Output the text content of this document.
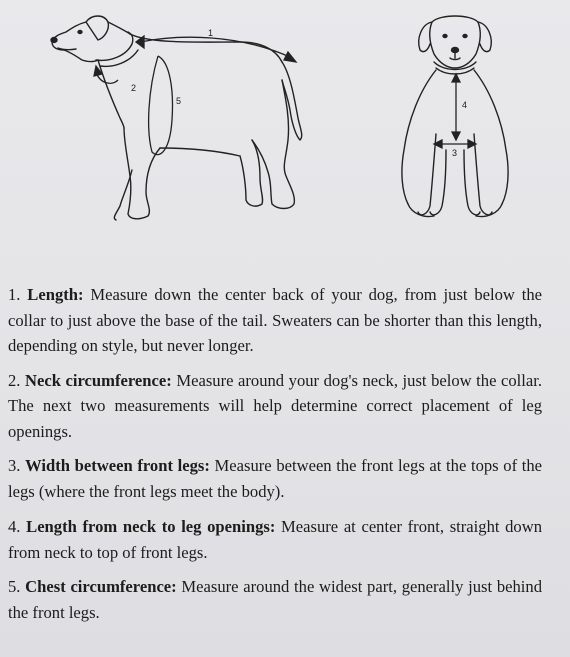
1
2
5
3
4

1. Length: Measure down the center back of your dog, from just below the collar to just above the base of the tail. Sweaters can be shorter than this length, depending on style, but never longer.

2. Neck circumference: Measure around your dog's neck, just below the collar. The next two measurements will help determine correct placement of leg openings.

3. Width between front legs: Measure between the front legs at the tops of the legs (where the front legs meet the body).

4. Length from neck to leg openings: Measure at center front, straight down from neck to top of front legs.

5. Chest circumference: Measure around the widest part, generally just behind the front legs.
